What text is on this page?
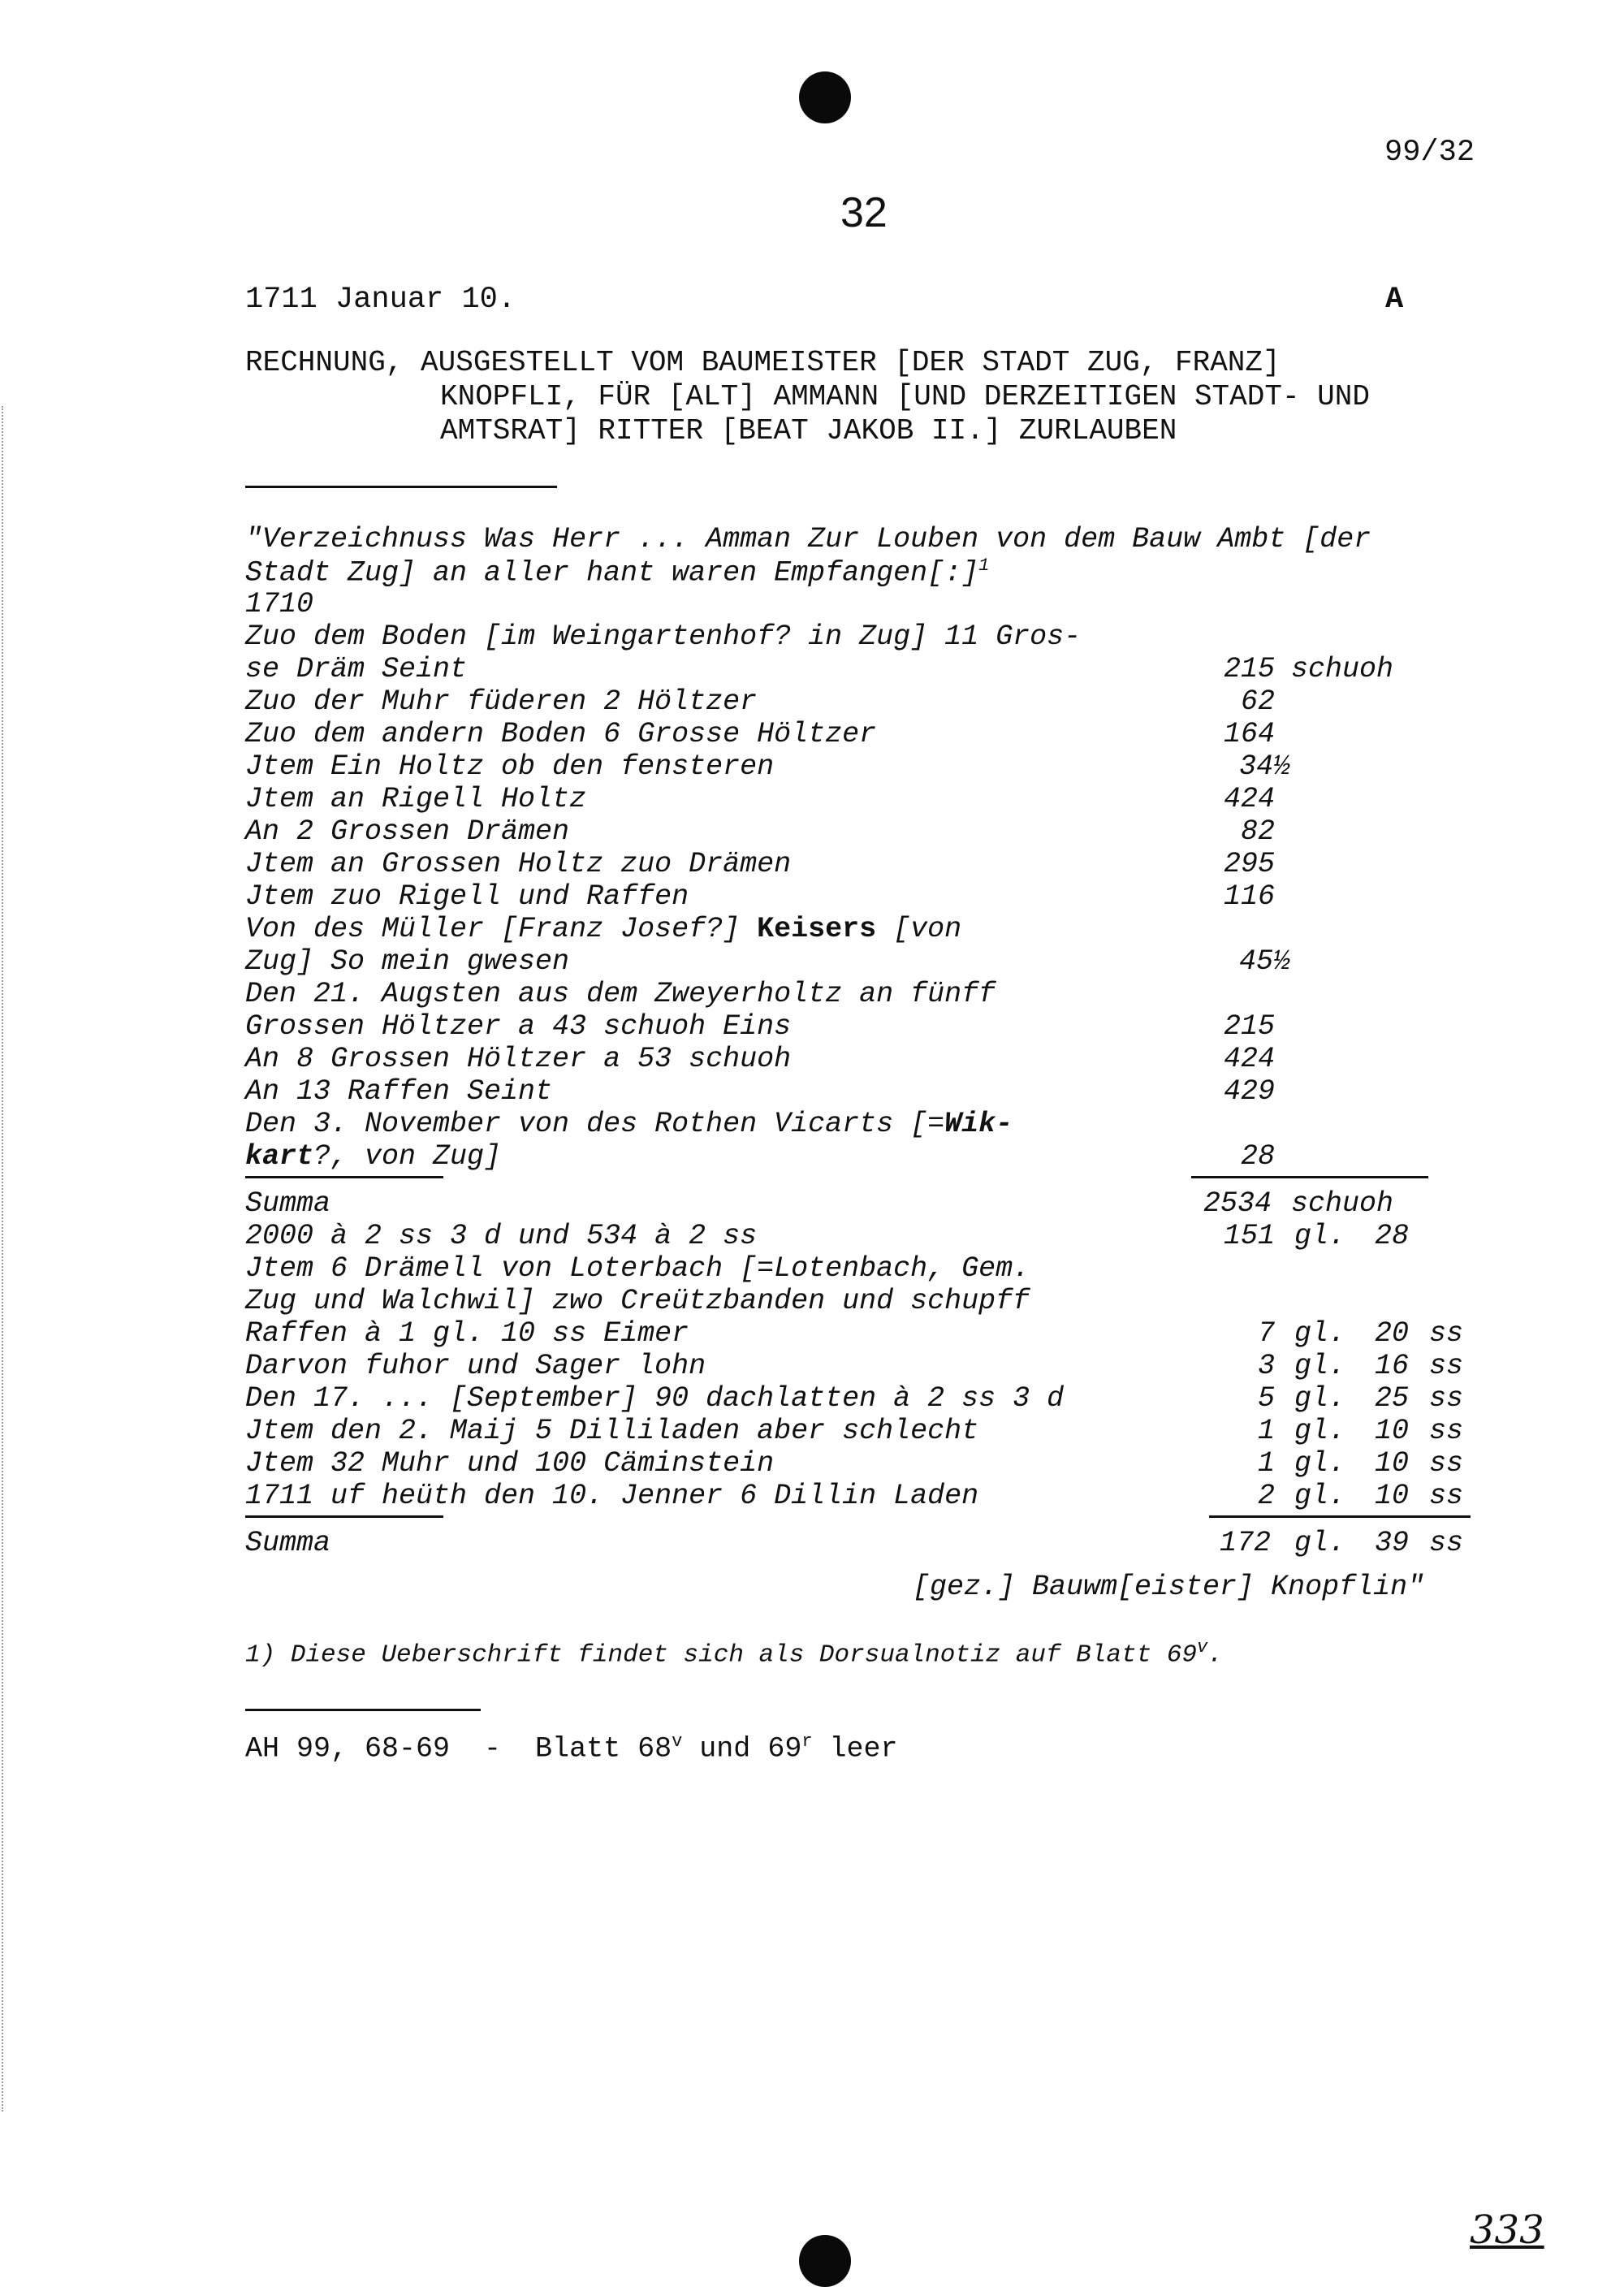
99/32
32
1711 Januar 10.	A
RECHNUNG, AUSGESTELLT VOM BAUMEISTER [DER STADT ZUG, FRANZ]
KNOPFLI, FÜR [ALT] AMMANN [UND DERZEITIGEN STADT- UND
AMTSRAT] RITTER [BEAT JAKOB II.] ZURLAUBEN
"Verzeichnuss Was Herr ... Amman Zur Louben von dem Bauw Ambt [der
Stadt Zug] an aller hant waren Empfangen[:]$^1$
1710
Zuo dem Boden [im Weingartenhof? in Zug] 11 Gros-
se Dräm Seint	215 schuoh
Zuo der Muhr füderen 2 Höltzer	62
Zuo dem andern Boden 6 Grosse Höltzer	164
Jtem Ein Holtz ob den fensteren	34½
Jtem an Rigell Holtz	424
An 2 Grossen Drämen	82
Jtem an Grossen Holtz zuo Drämen	295
Jtem zuo Rigell und Raffen	116
Von des Müller [Franz Josef?] Keisers [von
Zug] So mein gwesen	45½
Den 21. Augsten aus dem Zweyerholtz an fünff
Grossen Höltzer a 43 schuoh Eins	215
An 8 Grossen Höltzer a 53 schuoh	424
An 13 Raffen Seint	429
Den 3. November von des Rothen Vicarts [=Wik-
kart?, von Zug]	28
Summa	2534 schuoh
2000 à 2 ss 3 d und 534 à 2 ss	151 gl. 28
Jtem 6 Drämell von Loterbach [=Lotenbach, Gem.
Zug und Walchwil] zwo Creützbanden und schupff
Raffen à 1 gl. 10 ss Eimer	7 gl. 20 ss
Darvon fuhor und Sager lohn	3 gl. 16 ss
Den 17. ... [September] 90 dachlatten à 2 ss 3 d	5 gl. 25 ss
Jtem den 2. Maij 5 Dilliladen aber schlecht	1 gl. 10 ss
Jtem 32 Muhr und 100 Cäminstein	1 gl. 10 ss
1711 uf heüth den 10. Jenner 6 Dillin Laden	2 gl. 10 ss
Summa	172 gl. 39 ss
[gez.] Bauwm[eister] Knopflin"
1) Diese Ueberschrift findet sich als Dorsualnotiz auf Blatt 69$^v$.
AH 99, 68-69  -  Blatt 68$^v$ und 69$^r$ leer
333
